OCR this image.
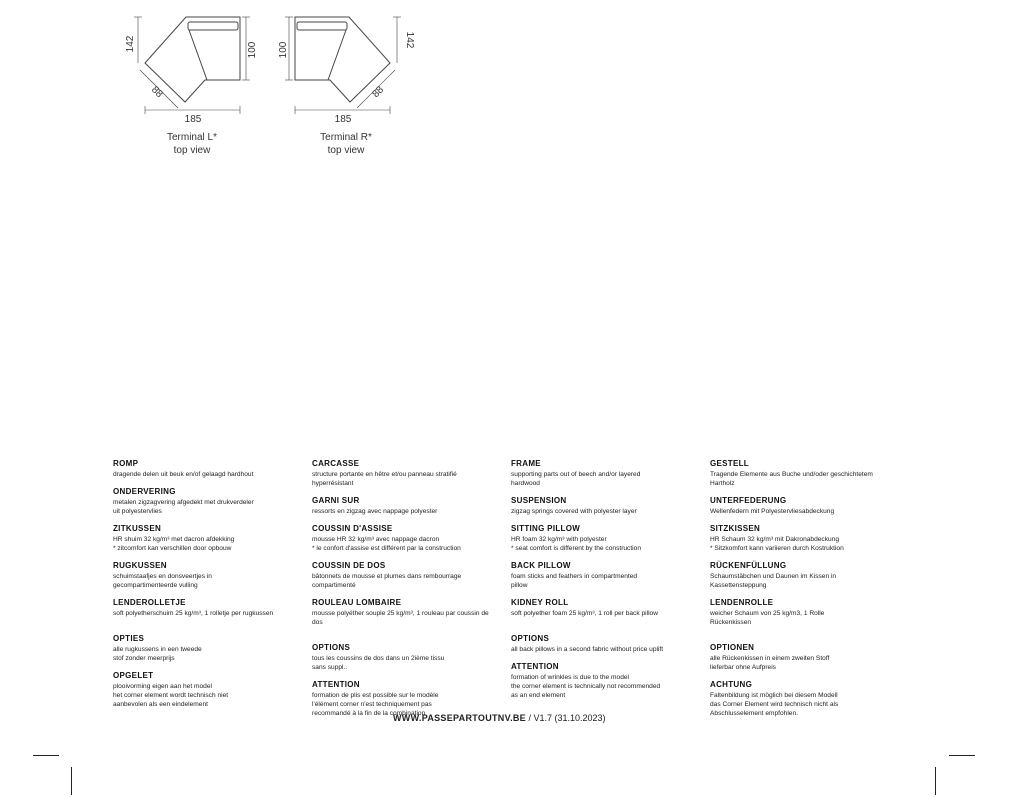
142
88
185
100
Terminal L*
top view
100
88
185
142
Terminal R*
top view
ROMP
dragende delen uit beuk en/of gelaagd hardhout
ONDERVERING
metalen zigzagvering afgedekt met drukverdeler
uit polyestervlies
ZITKUSSEN
HR shuim 32 kg/m³ met dacron afdekking
* zitcomfort kan verschillen door opbouw
RUGKUSSEN
schuimstaafjes en donsveertjes in
gecompartimenteerde vulling
LENDEROLLETJE
soft polyetherschuim 25 kg/m³, 1 rolletje per rugkussen
OPTIES
alle rugkussens in een tweede
stof zonder meerprijs
OPGELET
plooivorming eigen aan het model
het corner element wordt technisch niet
aanbevolen als een eindelement
CARCASSE
structure portante en hêtre et/ou panneau stratifié
hyperrésistant
GARNI SUR
ressorts en zigzag avec nappage polyester
COUSSIN D'ASSISE
mousse HR 32 kg/m³ avec nappage dacron
* le confort d'assise est différent par la construction
COUSSIN DE DOS
bâtonnets de mousse et plumes dans rembourrage
compartimenté
ROULEAU LOMBAIRE
mousse polyéther souple 25 kg/m³, 1 rouleau par coussin de
dos
OPTIONS
tous les coussins de dos dans un 2ième tissu
sans suppl..
ATTENTION
formation de plis est possible sur le modèle
l'élément corner n'est techniquement pas
recommandé à la fin de la combination
FRAME
supporting parts out of beech and/or layered
hardwood
SUSPENSION
zigzag springs covered with polyester layer
SITTING PILLOW
HR foam 32 kg/m³ with polyester
* seat comfort is different by the construction
BACK PILLOW
foam sticks and feathers in compartmented
pillow
KIDNEY ROLL
soft polyether foam 25 kg/m³, 1 roll per back pillow
OPTIONS
all back pillows in a second fabric without price uplift
ATTENTION
formation of wrinkles is due to the model
the corner element is technically not recommended
as an end element
GESTELL
Tragende Elemente aus Buche und/oder geschichtetem
Hartholz
UNTERFEDERUNG
Wellenfedern mit Polyestervliesabdeckung
SITZKISSEN
HR Schaum 32 kg/m³ mit Dakronabdeckung
* Sitzkomfort kann variieren durch Kostruktion
RÜCKENFÜLLUNG
Schaumstäbchen und Daunen im Kissen in
Kassettensteppung
LENDENROLLE
weicher Schaum von 25 kg/m3, 1 Rolle
Rückenkissen
OPTIONEN
alle Rückenkissen in einem zweiten Stoff
lieferbar ohne Aufpreis
ACHTUNG
Faltenbildung ist möglich bei diesem Modell
das Corner Element wird technisch nicht als
Abschlusselement empfohlen.
WWW.PASSEPARTOUTNV.BE / V1.7 (31.10.2023)
